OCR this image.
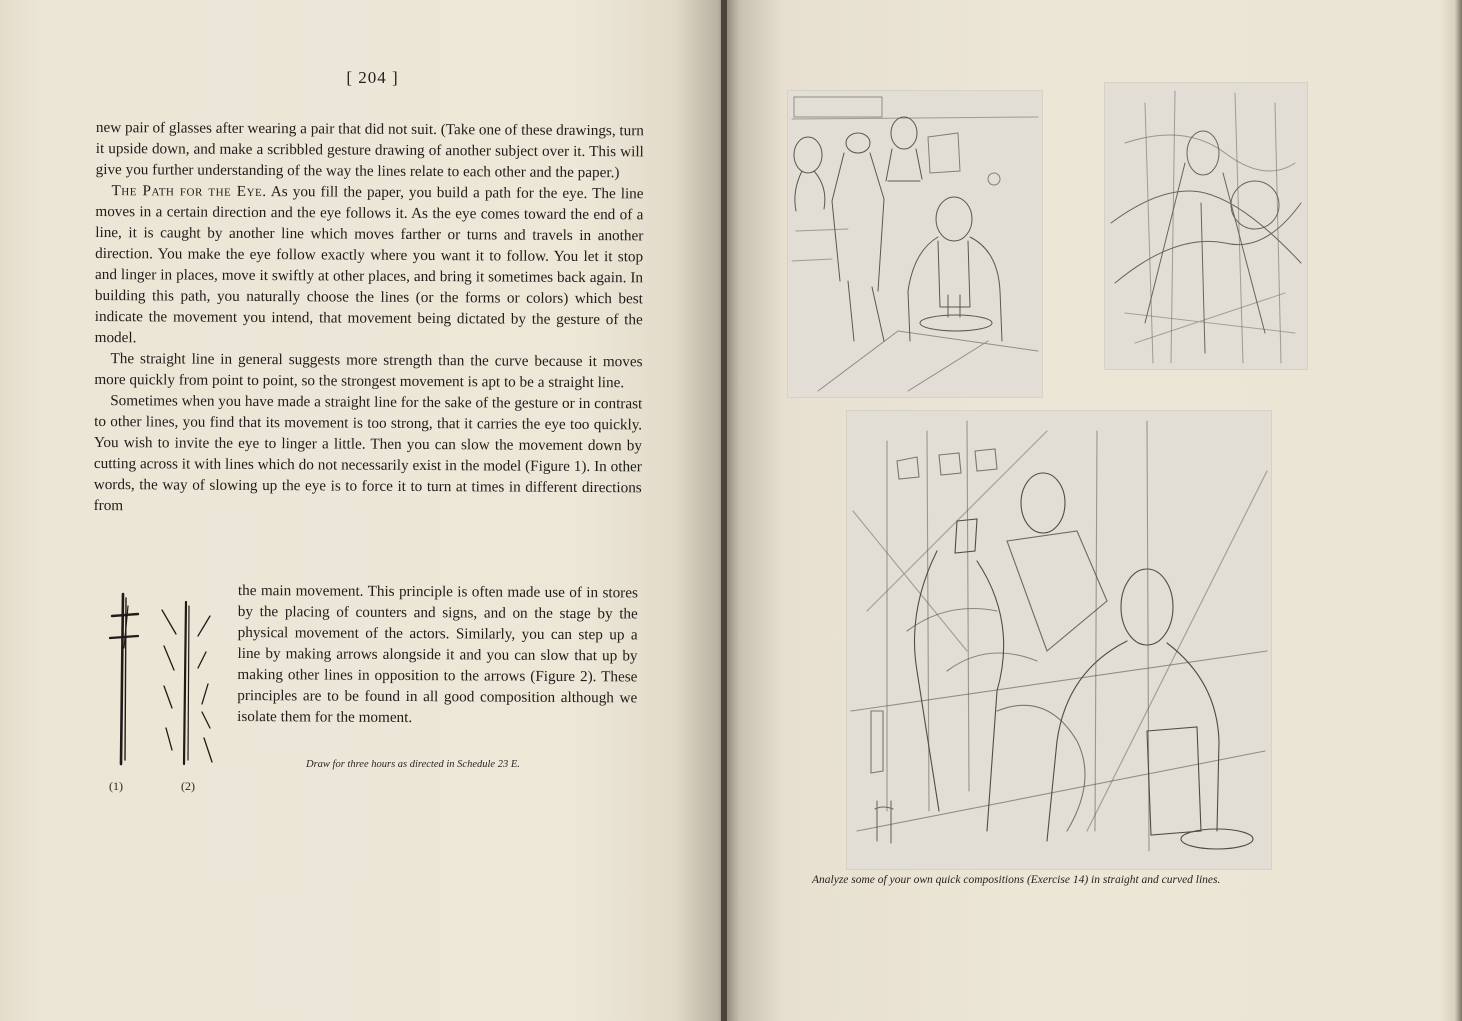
[ 204 ]

new pair of glasses after wearing a pair that did not suit. (Take one of these drawings, turn it upside down, and make a scribbled gesture drawing of another subject over it. This will give you further understanding of the way the lines relate to each other and the paper.)

The Path for the Eye. As you fill the paper, you build a path for the eye. The line moves in a certain direction and the eye follows it. As the eye comes toward the end of a line, it is caught by another line which moves farther or turns and travels in another direction. You make the eye follow exactly where you want it to follow. You let it stop and linger in places, move it swiftly at other places, and bring it sometimes back again. In building this path, you naturally choose the lines (or the forms or colors) which best indicate the movement you intend, that movement being dictated by the gesture of the model.

The straight line in general suggests more strength than the curve because it moves more quickly from point to point, so the strongest movement is apt to be a straight line.

Sometimes when you have made a straight line for the sake of the gesture or in contrast to other lines, you find that its movement is too strong, that it carries the eye too quickly. You wish to invite the eye to linger a little. Then you can slow the movement down by cutting across it with lines which do not necessarily exist in the model (Figure 1). In other words, the way of slowing up the eye is to force it to turn at times in different directions from

the main movement. This principle is often made use of in stores by the placing of counters and signs, and on the stage by the physical movement of the actors. Similarly, you can step up a line by making arrows alongside it and you can slow that up by making other lines in opposition to the arrows (Figure 2). These principles are to be found in all good composition although we isolate them for the moment.
(1)	(2)
Draw for three hours as directed in Schedule 23 E.
Analyze some of your own quick compositions (Exercise 14) in straight and curved lines.
